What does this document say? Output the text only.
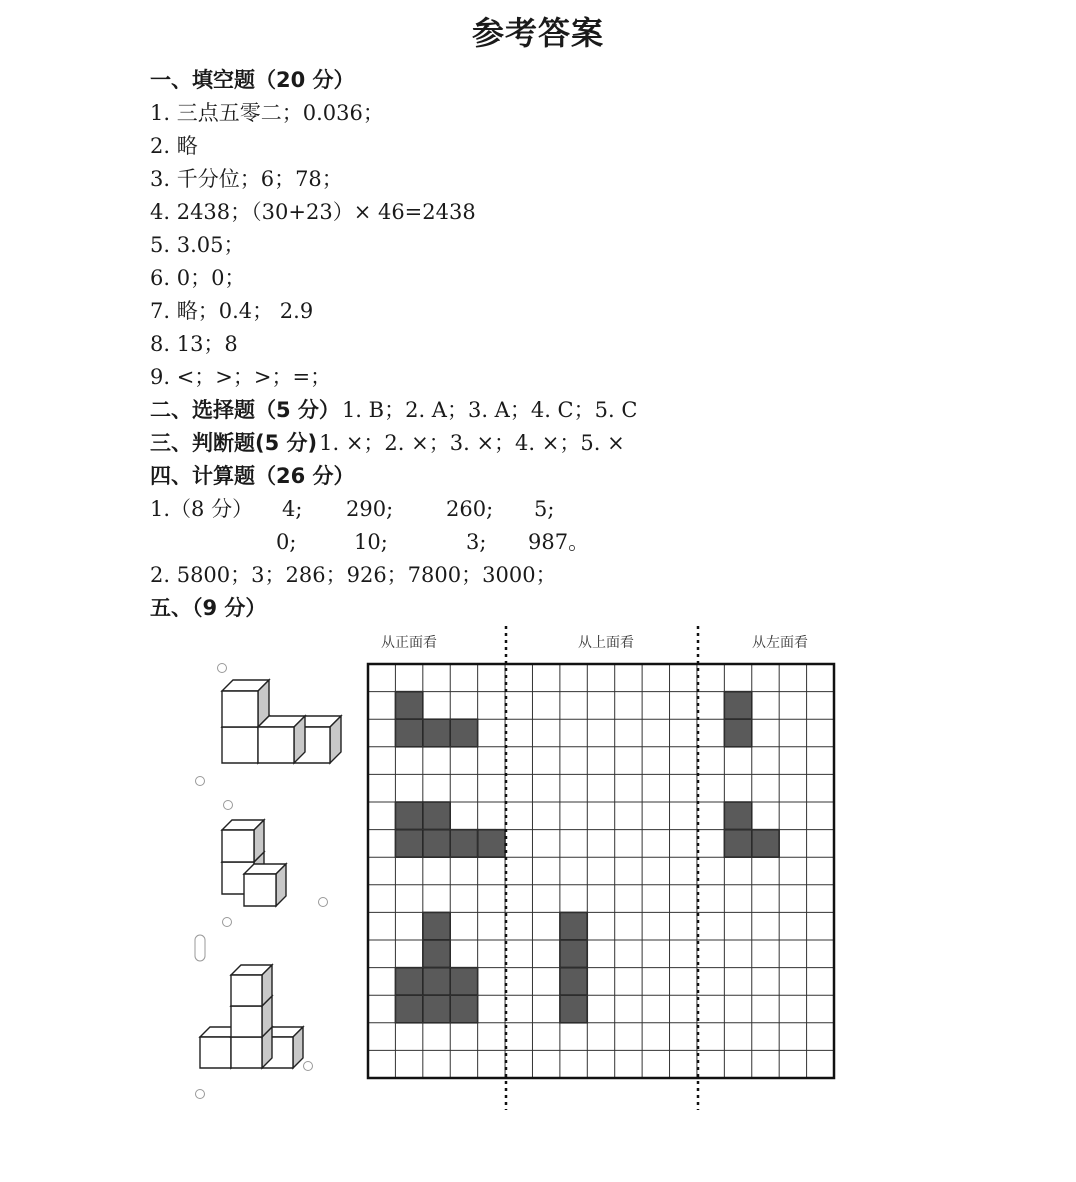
参考答案
一、填空题（20 分）
1. 三点五零二；0.036；
2. 略
3. 千分位；6；78；
4. 2438；（30+23）× 46=2438
5. 3.05；
6. 0；0；
7. 略；0.4； 2.9
8. 13；8
9. <；>；>；=；
二、选择题（5 分）1. B；2. A；3. A；4. C；5. C
三、判断题(5 分)1. ×；2. ×；3. ×；4. ×；5. ×
四、计算题（26 分）
1.（8 分） 4; 290;	260; 5;
0;	10;	3; 987。
2. 5800；3；286；926；7800；3000；
五、（9 分）
从正面看	从上面看	从左面看
